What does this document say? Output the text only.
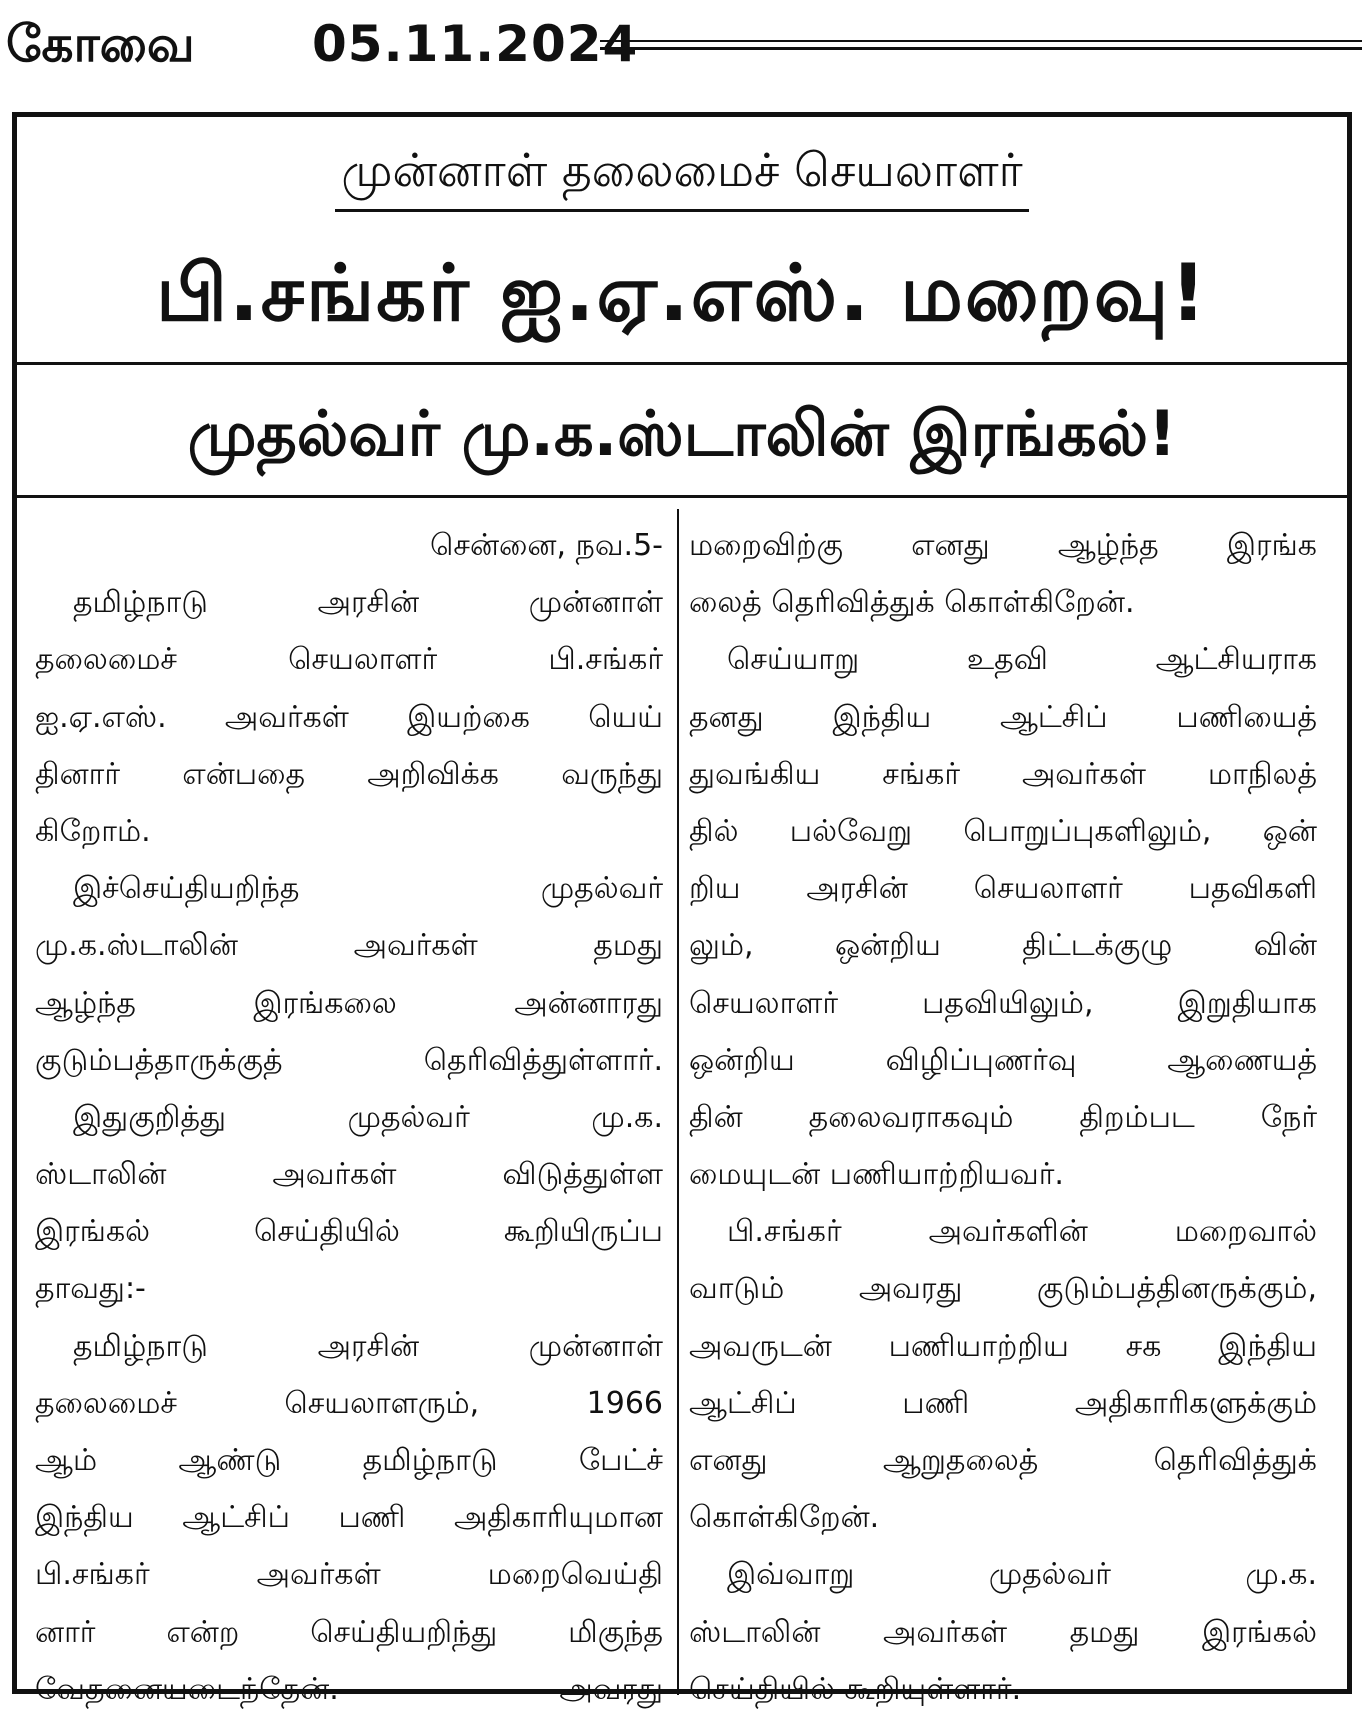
கோவை 05.11.2024
முன்னாள் தலைமைச் செயலாளர்
பி.சங்கர் ஐ.ஏ.எஸ். மறைவு!
முதல்வர் மு.க.ஸ்டாலின் இரங்கல்!
சென்னை, நவ.5-
தமிழ்நாடு அரசின் முன்னாள்
தலைமைச் செயலாளர் பி.சங்கர்
ஐ.ஏ.எஸ். அவர்கள் இயற்கை யெய்
தினார் என்பதை அறிவிக்க வருந்து
கிறோம்.
இச்செய்தியறிந்த முதல்வர்
மு.க.ஸ்டாலின் அவர்கள் தமது
ஆழ்ந்த இரங்கலை அன்னாரது
குடும்பத்தாருக்குத் தெரிவித்துள்ளார்.
இதுகுறித்து முதல்வர் மு.க.
ஸ்டாலின் அவர்கள் விடுத்துள்ள
இரங்கல் செய்தியில் கூறியிருப்ப
தாவது:-
தமிழ்நாடு அரசின் முன்னாள்
தலைமைச் செயலாளரும், 1966
ஆம் ஆண்டு தமிழ்நாடு பேட்ச்
இந்திய ஆட்சிப் பணி அதிகாரியுமான
பி.சங்கர் அவர்கள் மறைவெய்தி
னார் என்ற செய்தியறிந்து மிகுந்த
வேதனையடைந்தேன். அவரது
மறைவிற்கு எனது ஆழ்ந்த இரங்க
லைத் தெரிவித்துக் கொள்கிறேன்.
செய்யாறு உதவி ஆட்சியராக
தனது இந்திய ஆட்சிப் பணியைத்
துவங்கிய சங்கர் அவர்கள் மாநிலத்
தில் பல்வேறு பொறுப்புகளிலும், ஒன்
றிய அரசின் செயலாளர் பதவிகளி
லும், ஒன்றிய திட்டக்குழு வின்
செயலாளர் பதவியிலும், இறுதியாக
ஒன்றிய விழிப்புணர்வு ஆணையத்
தின் தலைவராகவும் திறம்பட நேர்
மையுடன் பணியாற்றியவர்.
பி.சங்கர் அவர்களின் மறைவால்
வாடும் அவரது குடும்பத்தினருக்கும்,
அவருடன் பணியாற்றிய சக இந்திய
ஆட்சிப் பணி அதிகாரிகளுக்கும்
எனது ஆறுதலைத் தெரிவித்துக்
கொள்கிறேன்.
இவ்வாறு முதல்வர் மு.க.
ஸ்டாலின் அவர்கள் தமது இரங்கல்
செய்தியில் கூறியுள்ளார்.
